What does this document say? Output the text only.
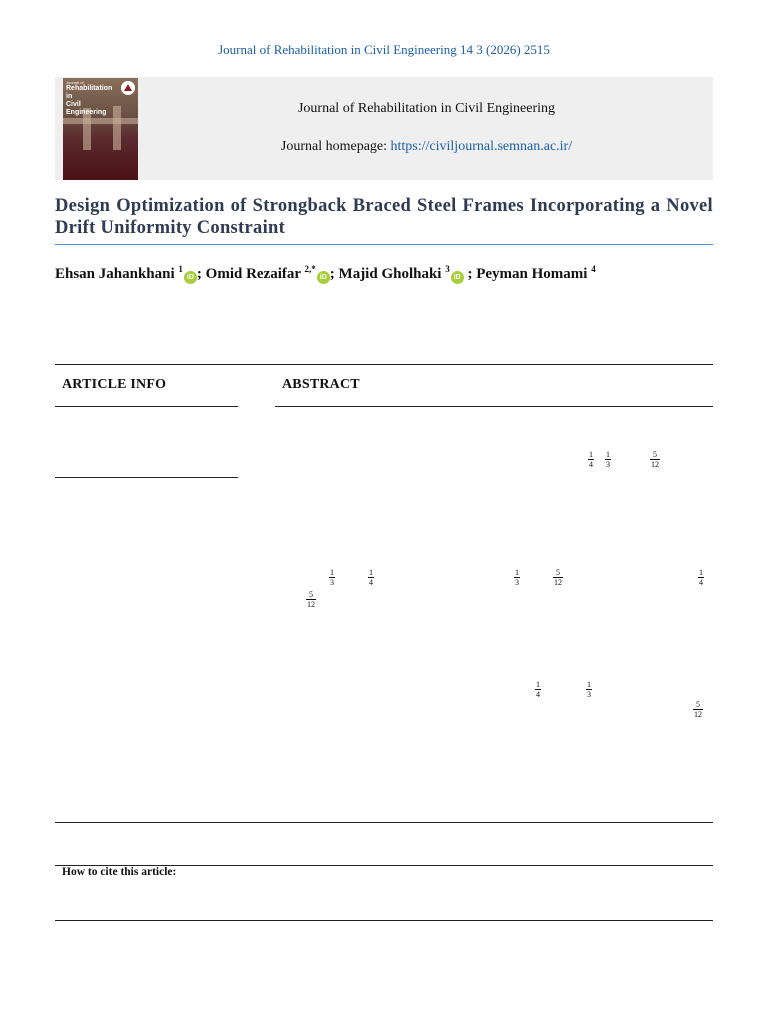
Journal of Rehabilitation in Civil Engineering 14 3 (2026) 2515
Journal of
Rehabilitation
in
Civil Engineering	Journal of Rehabilitation in Civil Engineering
Journal homepage: https://civiljournal.semnan.ac.ir/
Design Optimization of Strongback Braced Steel Frames Incorporating a Novel Drift Uniformity Constraint
Ehsan Jahankhani $^1$iD ; Omid Rezaifar $^{2,*}$iD ; Majid Gholhaki $^3$iD ; Peyman Homami $^4$
ARTICLE INFO	ABSTRACT
$\frac{1}{4} \frac{1}{3}$	$\frac{5}{12}$
$\frac{1}{3}$	$\frac{1}{4}$	$\frac{1}{3}$	$\frac{5}{12}$	$\frac{1}{4}$
$\frac{5}{12}$
$\frac{1}{4}$	$\frac{1}{3}$
$\frac{5}{12}$
How to cite this article:
